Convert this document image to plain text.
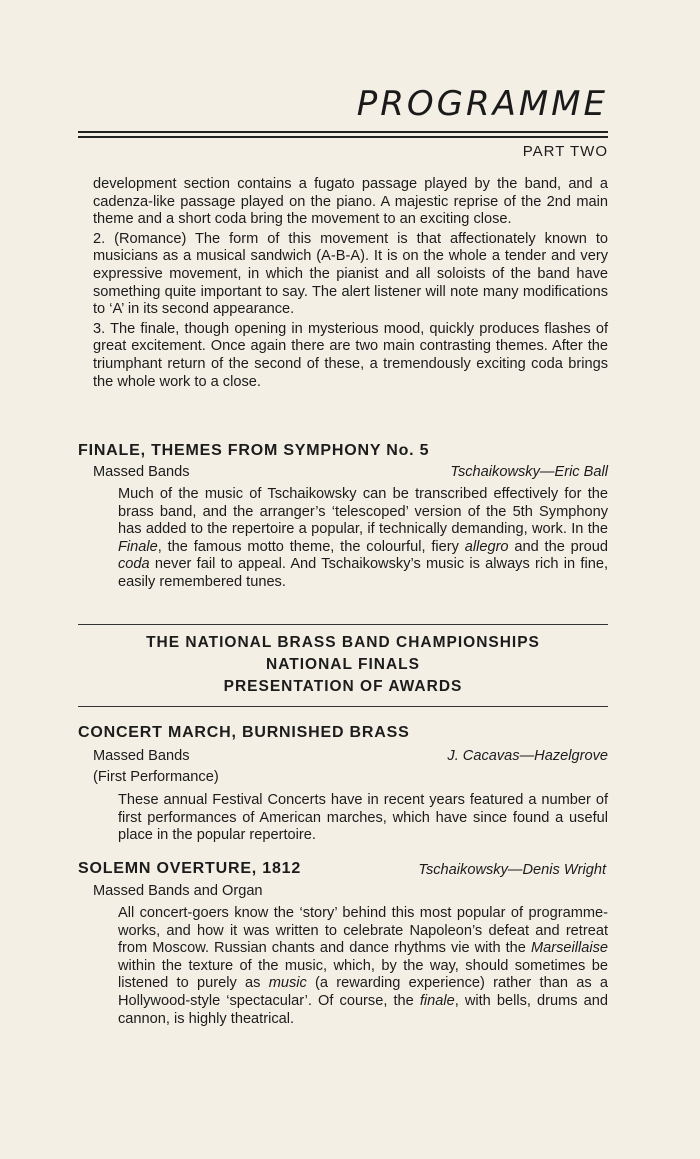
PROGRAMME
PART TWO

development section contains a fugato passage played by the band, and a cadenza-like passage played on the piano. A majestic reprise of the 2nd main theme and a short coda bring the movement to an exciting close.

2. (Romance) The form of this movement is that affectionately known to musicians as a musical sandwich (A-B-A). It is on the whole a tender and very expressive movement, in which the pianist and all soloists of the band have something quite important to say. The alert listener will note many modifications to ‘A’ in its second appearance.

3. The finale, though opening in mysterious mood, quickly produces flashes of great excitement. Once again there are two main contrasting themes. After the triumphant return of the second of these, a tremendously exciting coda brings the whole work to a close.

FINALE, THEMES FROM SYMPHONY No. 5
Massed Bands	Tschaikowsky—Eric Ball
Much of the music of Tschaikowsky can be transcribed effectively for the brass band, and the arranger’s ‘telescoped’ version of the 5th Symphony has added to the repertoire a popular, if technically demanding, work. In the Finale, the famous motto theme, the colourful, fiery allegro and the proud coda never fail to appeal. And Tschaikowsky’s music is always rich in fine, easily remembered tunes.
THE NATIONAL BRASS BAND CHAMPIONSHIPS
NATIONAL FINALS
PRESENTATION OF AWARDS
CONCERT MARCH, BURNISHED BRASS
Massed Bands	J. Cacavas—Hazelgrove
(First Performance)
These annual Festival Concerts have in recent years featured a number of first performances of American marches, which have since found a useful place in the popular repertoire.
SOLEMN OVERTURE, 1812	Tschaikowsky—Denis Wright
Massed Bands and Organ
All concert-goers know the ‘story’ behind this most popular of programme-works, and how it was written to celebrate Napoleon’s defeat and retreat from Moscow. Russian chants and dance rhythms vie with the Marseillaise within the texture of the music, which, by the way, should sometimes be listened to purely as music (a rewarding experience) rather than as a Hollywood-style ‘spectacular’. Of course, the finale, with bells, drums and cannon, is highly theatrical.
